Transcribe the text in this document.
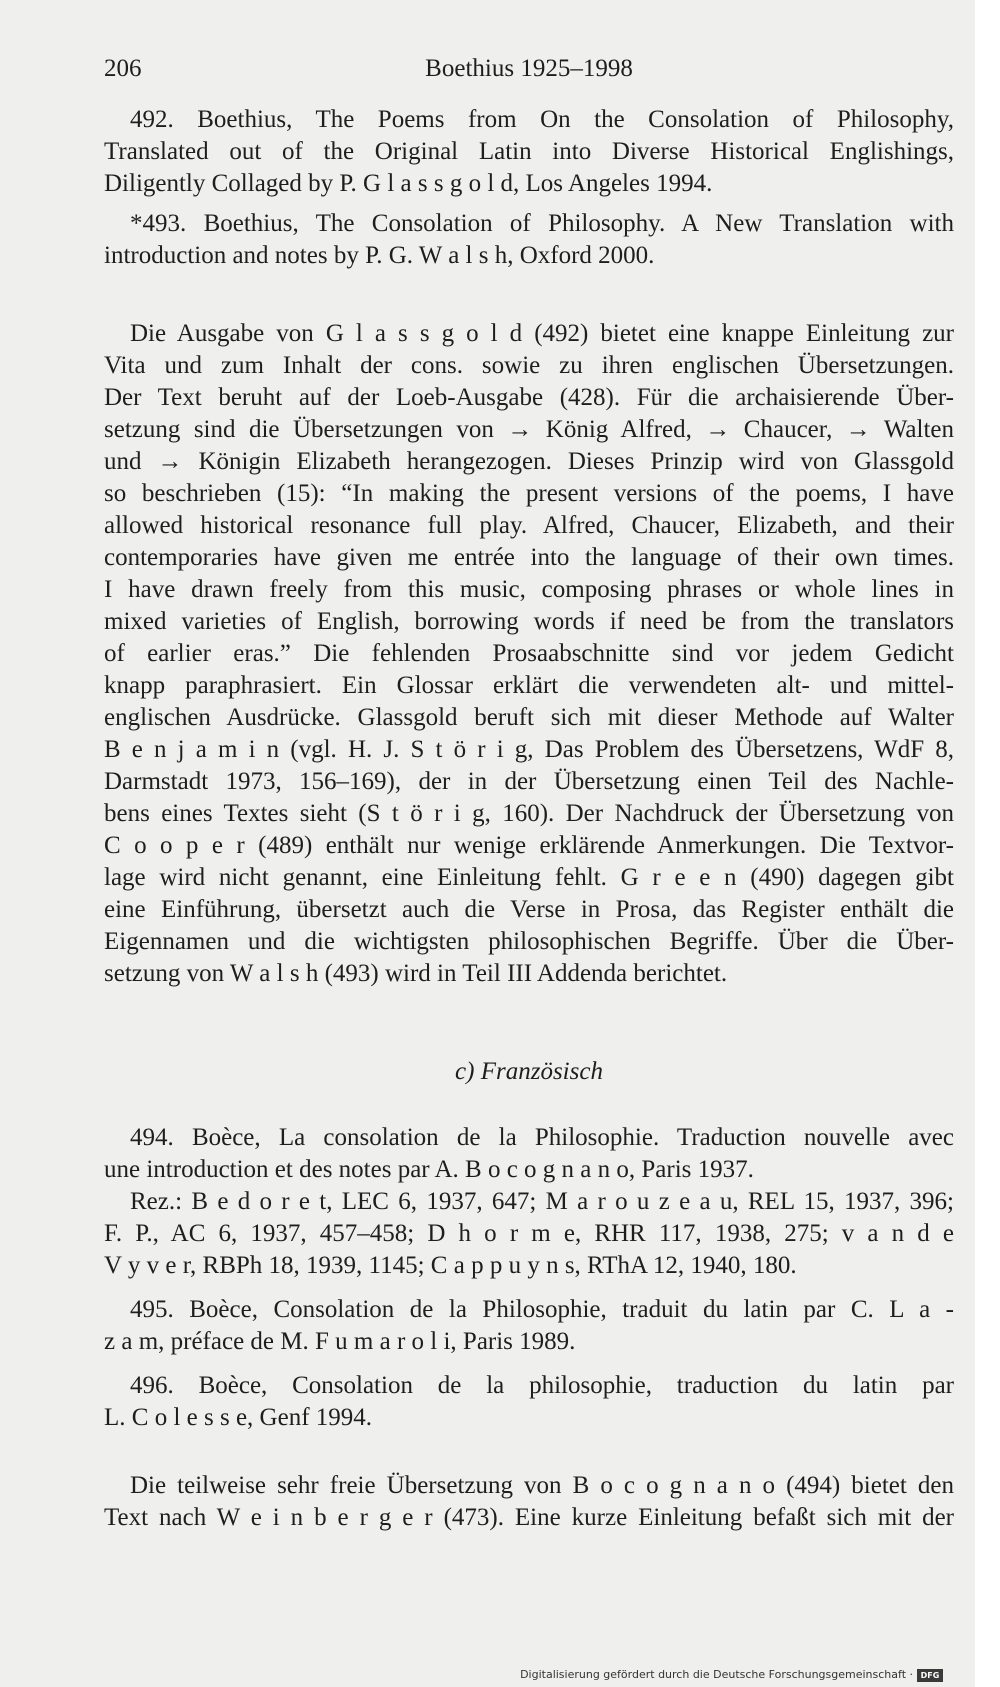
206	Boethius 1925–1998
492. Boethius, The Poems from On the Consolation of Philosophy,
Translated out of the Original Latin into Diverse Historical Englishings,
Diligently Collaged by P. G l a s s g o l d, Los Angeles 1994.
*493. Boethius, The Consolation of Philosophy. A New Translation with
introduction and notes by P. G. W a l s h, Oxford 2000.
Die Ausgabe von G l a s s g o l d (492) bietet eine knappe Einleitung zur
Vita und zum Inhalt der cons. sowie zu ihren englischen Übersetzungen.
Der Text beruht auf der Loeb-Ausgabe (428). Für die archaisierende Über-
setzung sind die Übersetzungen von → König Alfred, → Chaucer, → Walten
und → Königin Elizabeth herangezogen. Dieses Prinzip wird von Glassgold
so beschrieben (15): “In making the present versions of the poems, I have
allowed historical resonance full play. Alfred, Chaucer, Elizabeth, and their
contemporaries have given me entrée into the language of their own times.
I have drawn freely from this music, composing phrases or whole lines in
mixed varieties of English, borrowing words if need be from the translators
of earlier eras.” Die fehlenden Prosaabschnitte sind vor jedem Gedicht
knapp paraphrasiert. Ein Glossar erklärt die verwendeten alt- und mittel-
englischen Ausdrücke. Glassgold beruft sich mit dieser Methode auf Walter
B e n j a m i n (vgl. H. J. S t ö r i g, Das Problem des Übersetzens, WdF 8,
Darmstadt 1973, 156–169), der in der Übersetzung einen Teil des Nachle-
bens eines Textes sieht (S t ö r i g, 160). Der Nachdruck der Übersetzung von
C o o p e r (489) enthält nur wenige erklärende Anmerkungen. Die Textvor-
lage wird nicht genannt, eine Einleitung fehlt. G r e e n (490) dagegen gibt
eine Einführung, übersetzt auch die Verse in Prosa, das Register enthält die
Eigennamen und die wichtigsten philosophischen Begriffe. Über die Über-
setzung von W a l s h (493) wird in Teil III Addenda berichtet.
c) Französisch
494. Boèce, La consolation de la Philosophie. Traduction nouvelle avec
une introduction et des notes par A. B o c o g n a n o, Paris 1937.
Rez.: B e d o r e t, LEC 6, 1937, 647; M a r o u z e a u, REL 15, 1937, 396;
F. P., AC 6, 1937, 457–458; D h o r m e, RHR 117, 1938, 275; v a n d e
V y v e r, RBPh 18, 1939, 1145; C a p p u y n s, RThA 12, 1940, 180.
495. Boèce, Consolation de la Philosophie, traduit du latin par C. L a -
z a m, préface de M. F u m a r o l i, Paris 1989.
496. Boèce, Consolation de la philosophie, traduction du latin par
L. C o l e s s e, Genf 1994.
Die teilweise sehr freie Übersetzung von B o c o g n a n o (494) bietet den
Text nach W e i n b e r g e r (473). Eine kurze Einleitung befaßt sich mit der
Digitalisierung gefördert durch die Deutsche Forschungsgemeinschaft · DFG
